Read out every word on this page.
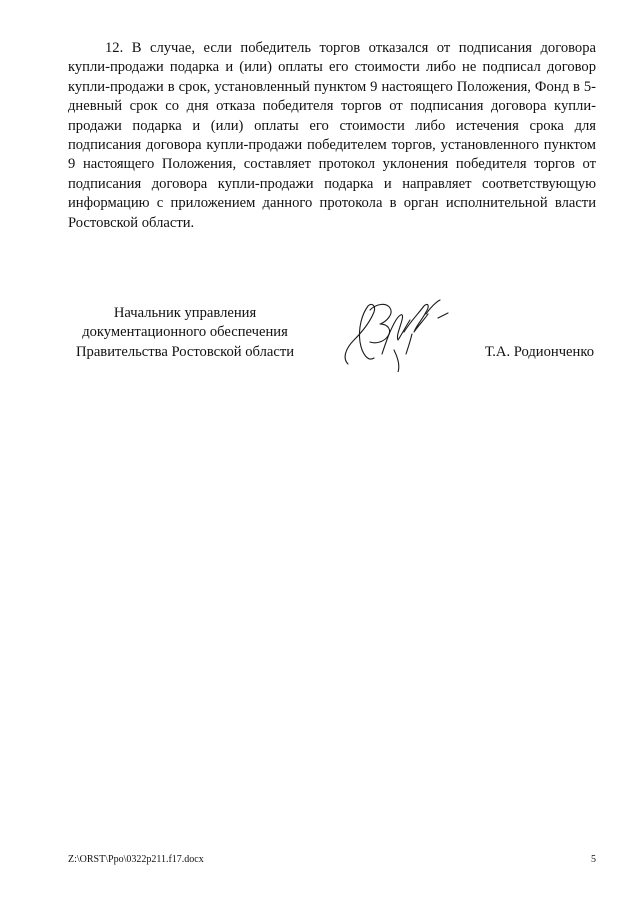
12. В случае, если победитель торгов отказался от подписания договора купли-продажи подарка и (или) оплаты его стоимости либо не подписал договор купли-продажи в срок, установленный пунктом 9 настоящего Положения, Фонд в 5-дневный срок со дня отказа победителя торгов от подписания договора купли-продажи подарка и (или) оплаты его стоимости либо истечения срока для подписания договора купли-продажи победителем торгов, установленного пунктом 9 настоящего Положения, составляет протокол уклонения победителя торгов от подписания договора купли-продажи подарка и направляет соответствующую информацию с приложением данного протокола в орган исполнительной власти Ростовской области.

Начальник управления
документационного обеспечения
Правительства Ростовской области	Т.А. Родионченко
Z:\ORST\Ppo\0322p211.f17.docx	5
